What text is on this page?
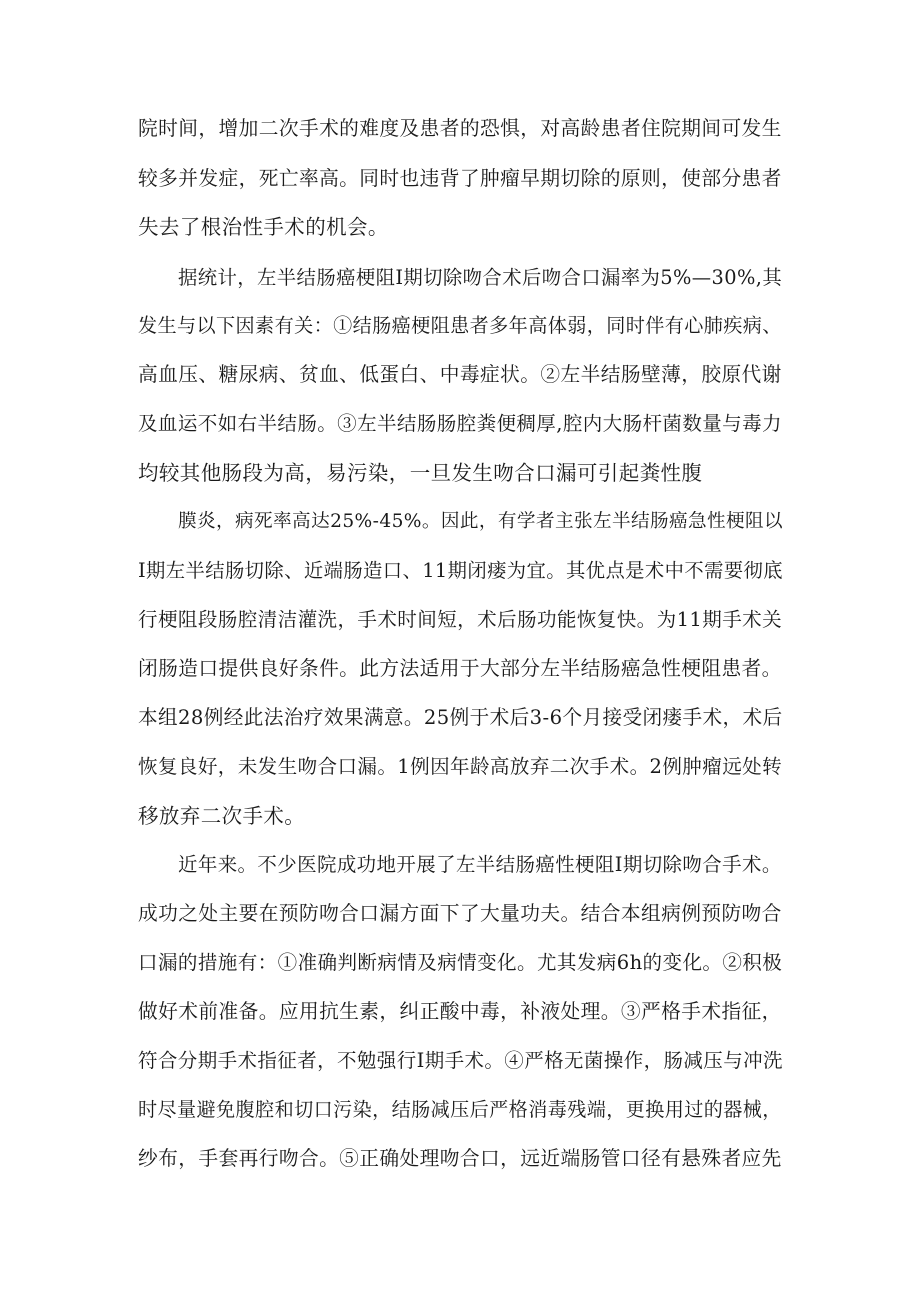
院时间，增加二次手术的难度及患者的恐惧，对高龄患者住院期间可发生
较多并发症，死亡率高。同时也违背了肿瘤早期切除的原则，使部分患者
失去了根治性手术的机会。
据统计，左半结肠癌梗阻I期切除吻合术后吻合口漏率为5%—30%,其
发生与以下因素有关：①结肠癌梗阻患者多年高体弱，同时伴有心肺疾病、
高血压、糖尿病、贫血、低蛋白、中毒症状。②左半结肠壁薄，胶原代谢
及血运不如右半结肠。③左半结肠肠腔粪便稠厚,腔内大肠杆菌数量与毒力
均较其他肠段为高，易污染，一旦发生吻合口漏可引起粪性腹
膜炎，病死率高达25%-45%。因此，有学者主张左半结肠癌急性梗阻以
I期左半结肠切除、近端肠造口、11期闭瘘为宜。其优点是术中不需要彻底
行梗阻段肠腔清洁灌洗，手术时间短，术后肠功能恢复快。为11期手术关
闭肠造口提供良好条件。此方法适用于大部分左半结肠癌急性梗阻患者。
本组28例经此法治疗效果满意。25例于术后3-6个月接受闭瘘手术，术后
恢复良好，未发生吻合口漏。1例因年龄高放弃二次手术。2例肿瘤远处转
移放弃二次手术。
近年来。不少医院成功地开展了左半结肠癌性梗阻I期切除吻合手术。
成功之处主要在预防吻合口漏方面下了大量功夫。结合本组病例预防吻合
口漏的措施有：①准确判断病情及病情变化。尤其发病6h的变化。②积极
做好术前准备。应用抗生素，纠正酸中毒，补液处理。③严格手术指征，
符合分期手术指征者，不勉强行I期手术。④严格无菌操作，肠减压与冲洗
时尽量避免腹腔和切口污染，结肠减压后严格消毒残端，更换用过的器械，
纱布，手套再行吻合。⑤正确处理吻合口，远近端肠管口径有悬殊者应先
